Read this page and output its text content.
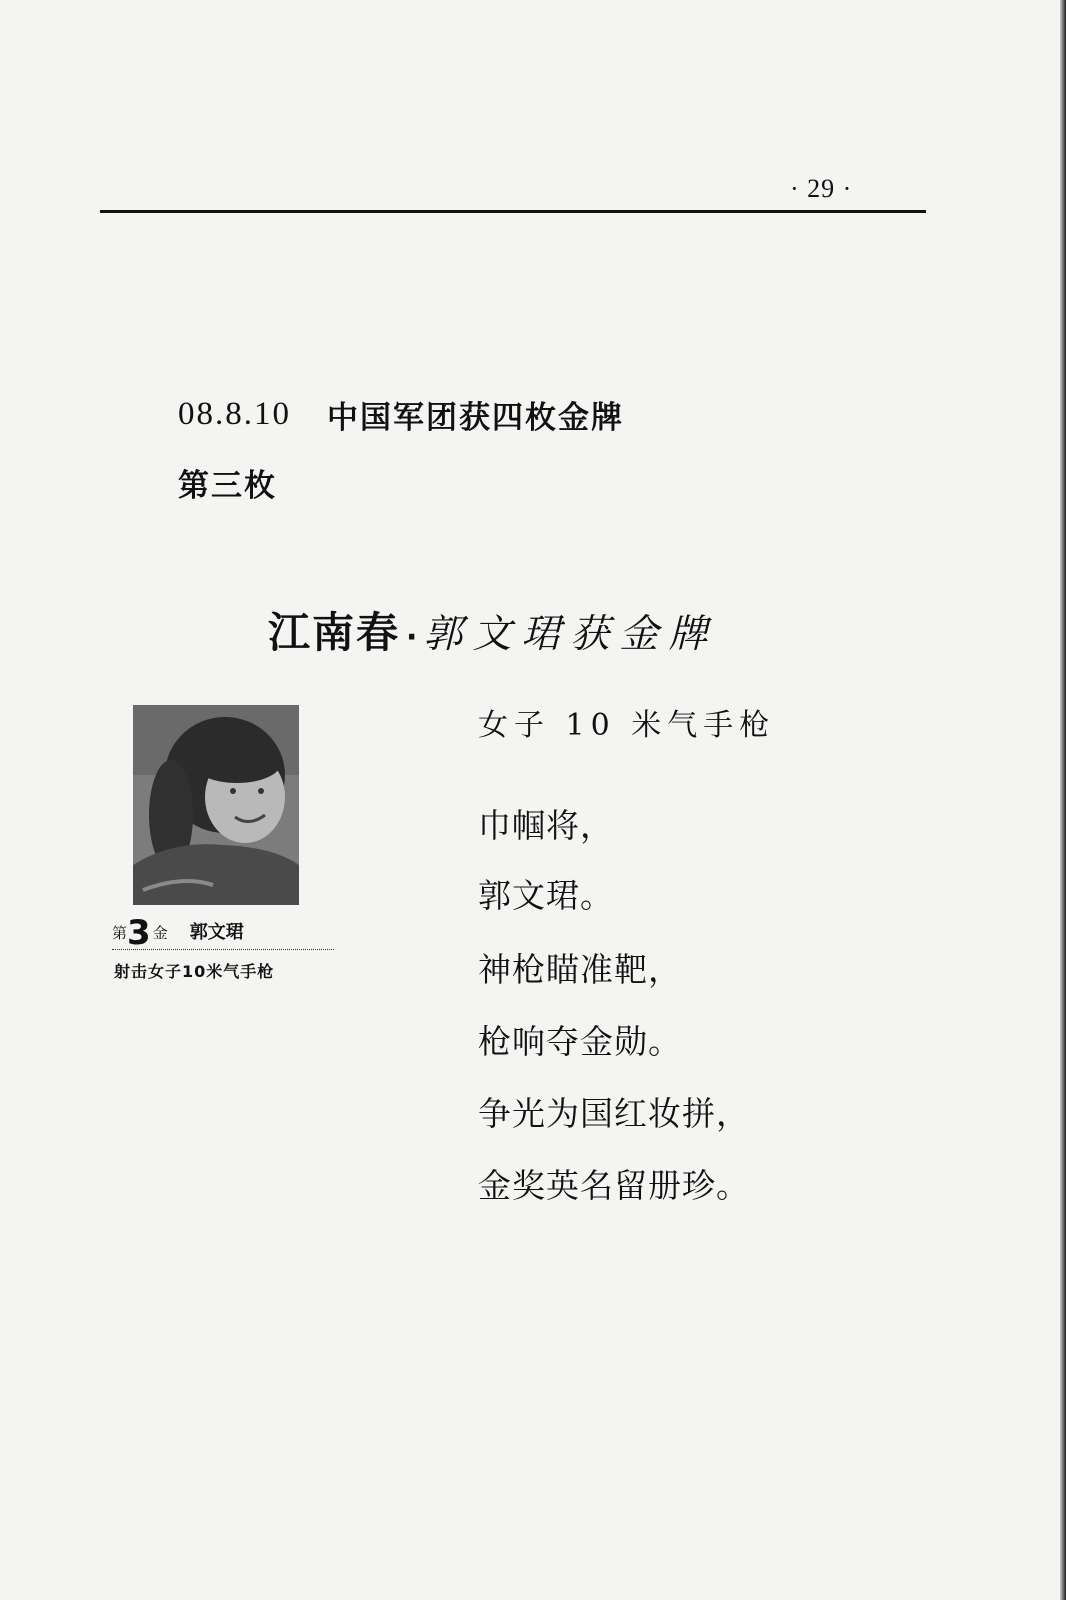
· 29 ·
08.8.10 中国军团获四枚金牌
第三枚
江南春 · 郭文珺获金牌
第3 金 郭文珺
射击女子10米气手枪
女子 10 米气手枪
巾帼将，
郭文珺。
神枪瞄准靶，
枪响夺金勋。
争光为国红妆拼，
金奖英名留册珍。
